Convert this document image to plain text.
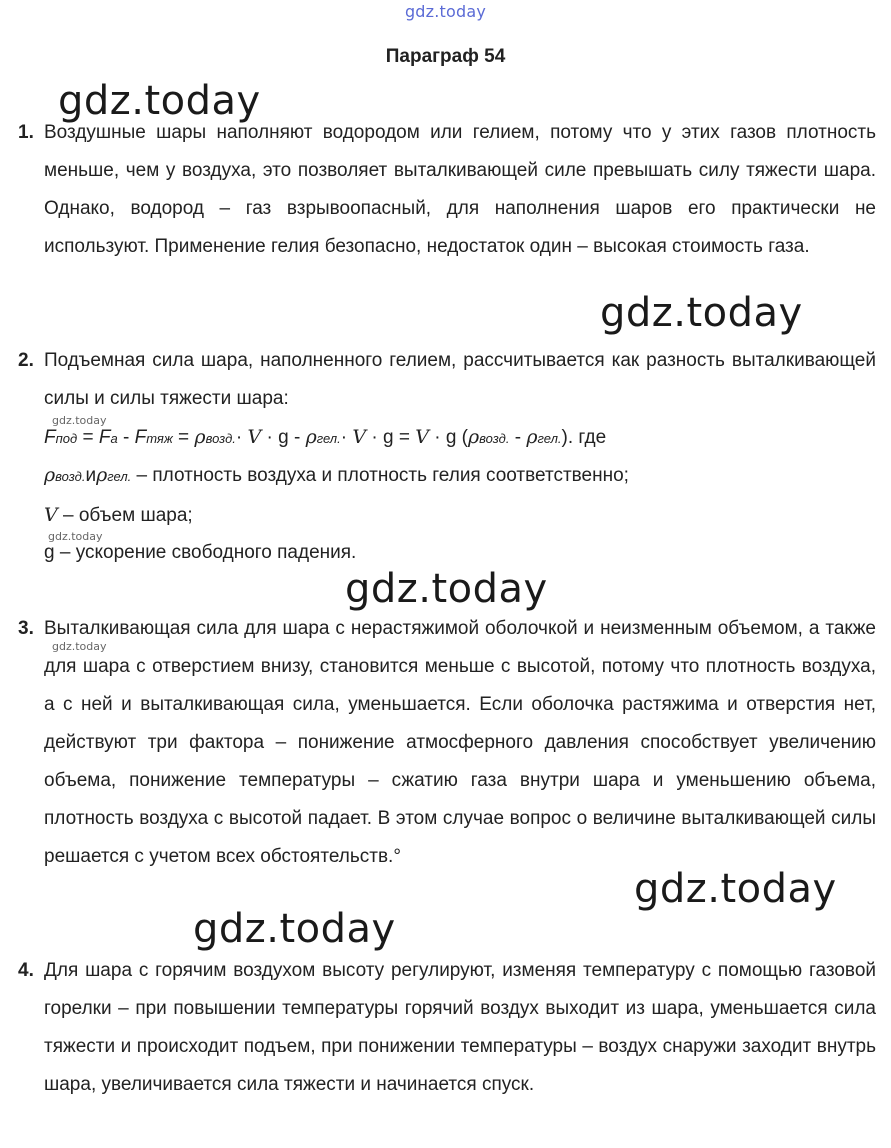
gdz.today
Параграф 54
gdz.today
1. Воздушные шары наполняют водородом или гелием, потому что у этих газов плотность меньше, чем у воздуха, это позволяет выталкивающей силе превышать силу тяжести шара. Однако, водород – газ взрывоопасный, для наполнения шаров его практически не используют. Применение гелия безопасно, недостаток один – высокая стоимость газа.

gdz.today
2. Подъемная сила шара, наполненного гелием, рассчитывается как разность выталкивающей силы и силы тяжести шара:

gdz.today
Fпод = Fа - Fтяж = ρвозд.· V · g - ρгел.· V · g = V · g (ρвозд. - ρгел.). где
ρвозд.иρгел. – плотность воздуха и плотность гелия соответственно;
V – объем шара;
gdz.today
g – ускорение свободного падения.
gdz.today
3. Выталкивающая сила для шара с нерастяжимой оболочкой и неизменным объемом, а также для шара с отверстием внизу, становится меньше с высотой, потому что плотность воздуха, а с ней и выталкивающая сила, уменьшается. Если оболочка растяжима и отверстия нет, действуют три фактора – понижение атмосферного давления способствует увеличению объема, понижение температуры – сжатию газа внутри шара и уменьшению объема, плотность воздуха с высотой падает. В этом случае вопрос о величине выталкивающей силы решается с учетом всех обстоятельств.°

gdz.today
gdz.today
gdz.today
4. Для шара с горячим воздухом высоту регулируют, изменяя температуру с помощью газовой горелки – при повышении температуры горячий воздух выходит из шара, уменьшается сила тяжести и происходит подъем, при понижении температуры – воздух снаружи заходит внутрь шара, увеличивается сила тяжести и начинается спуск.
